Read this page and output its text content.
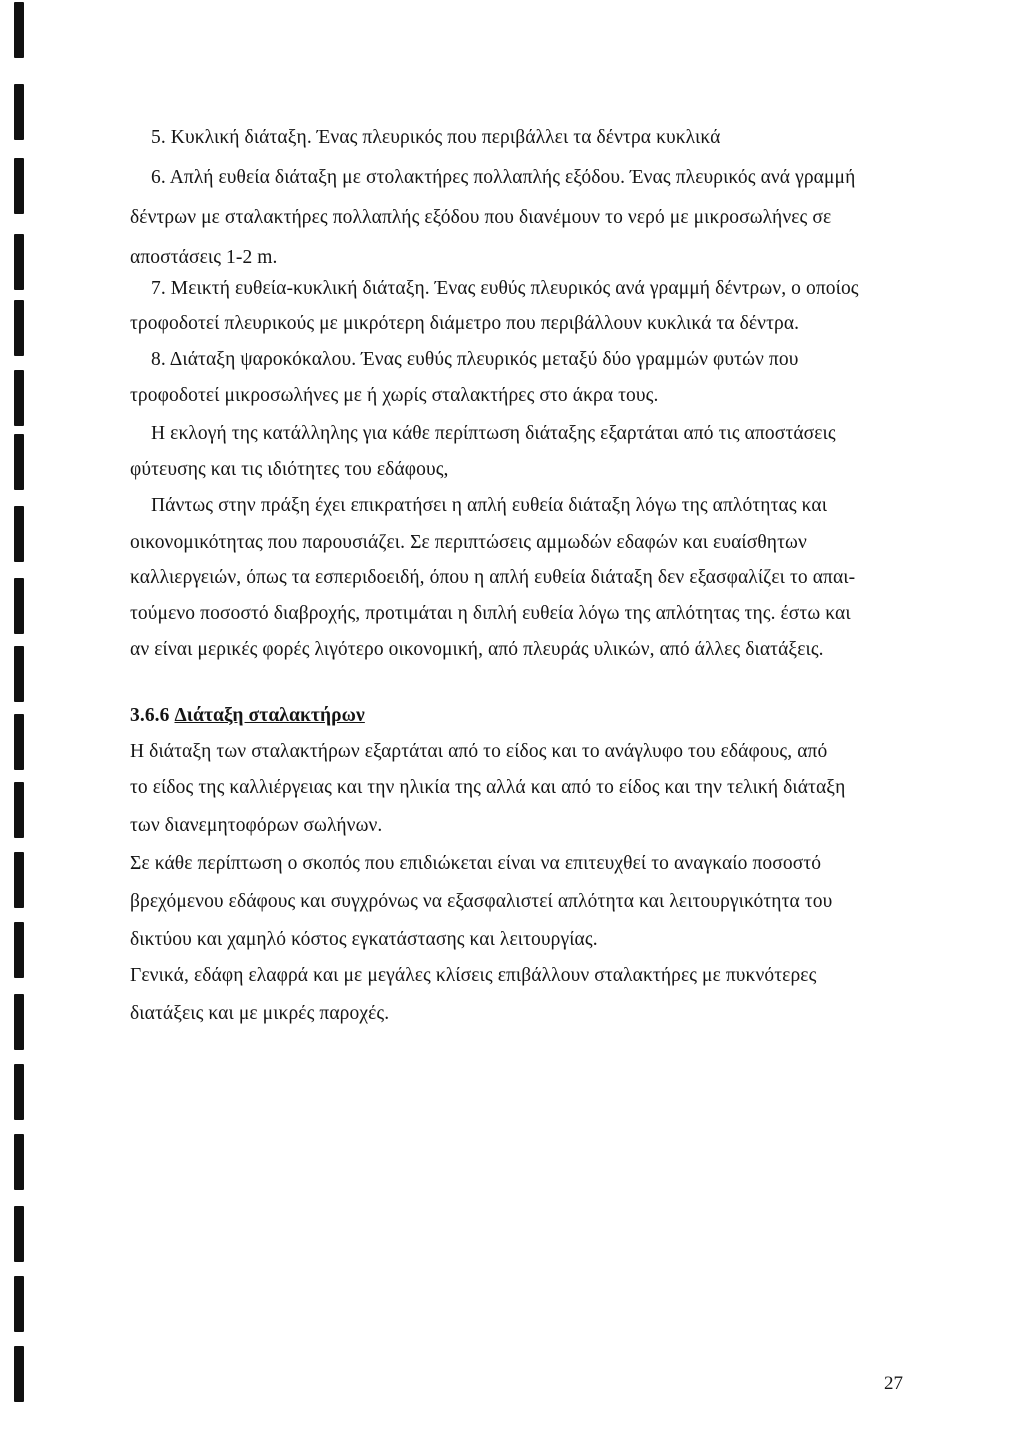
5. Κυκλική διάταξη. Ένας πλευρικός που περιβάλλει τα δέντρα κυκλικά
6. Απλή ευθεία διάταξη με στολακτήρες πολλαπλής εξόδου. Ένας πλευρικός ανά γραμμή
δέντρων με σταλακτήρες πολλαπλής εξόδου που διανέμουν το νερό με μικροσωλήνες σε
αποστάσεις 1-2 m.
7. Μεικτή ευθεία-κυκλική διάταξη. Ένας ευθύς πλευρικός ανά γραμμή δέντρων, ο οποίος
τροφοδοτεί πλευρικούς με μικρότερη διάμετρο που περιβάλλουν κυκλικά τα δέντρα.
8. Διάταξη ψαροκόκαλου. Ένας ευθύς πλευρικός μεταξύ δύο γραμμών φυτών που
τροφοδοτεί μικροσωλήνες με ή χωρίς σταλακτήρες στο άκρα τους.
Η εκλογή της κατάλληλης για κάθε περίπτωση διάταξης εξαρτάται από τις αποστάσεις
φύτευσης και τις ιδιότητες του εδάφους,
Πάντως στην πράξη έχει επικρατήσει η απλή ευθεία διάταξη λόγω της απλότητας και
οικονομικότητας που παρουσιάζει. Σε περιπτώσεις αμμωδών εδαφών και ευαίσθητων
καλλιεργειών, όπως τα εσπεριδοειδή, όπου η απλή ευθεία διάταξη δεν εξασφαλίζει το απαι-
τούμενο ποσοστό διαβροχής, προτιμάται η διπλή ευθεία λόγω της απλότητας της. έστω και
αν είναι μερικές φορές λιγότερο οικονομική, από πλευράς υλικών, από άλλες διατάξεις.
3.6.6 Διάταξη σταλακτήρων
Η διάταξη των σταλακτήρων εξαρτάται από το είδος και το ανάγλυφο του εδάφους, από
το είδος της καλλιέργειας και την ηλικία της αλλά και από το είδος και την τελική διάταξη
των διανεμητοφόρων σωλήνων.
Σε κάθε περίπτωση ο σκοπός που επιδιώκεται είναι να επιτευχθεί το αναγκαίο ποσοστό
βρεχόμενου εδάφους και συγχρόνως να εξασφαλιστεί απλότητα και λειτουργικότητα του
δικτύου και χαμηλό κόστος εγκατάστασης και λειτουργίας.
Γενικά, εδάφη ελαφρά και με μεγάλες κλίσεις επιβάλλουν σταλακτήρες με πυκνότερες
διατάξεις και με μικρές παροχές.
27
